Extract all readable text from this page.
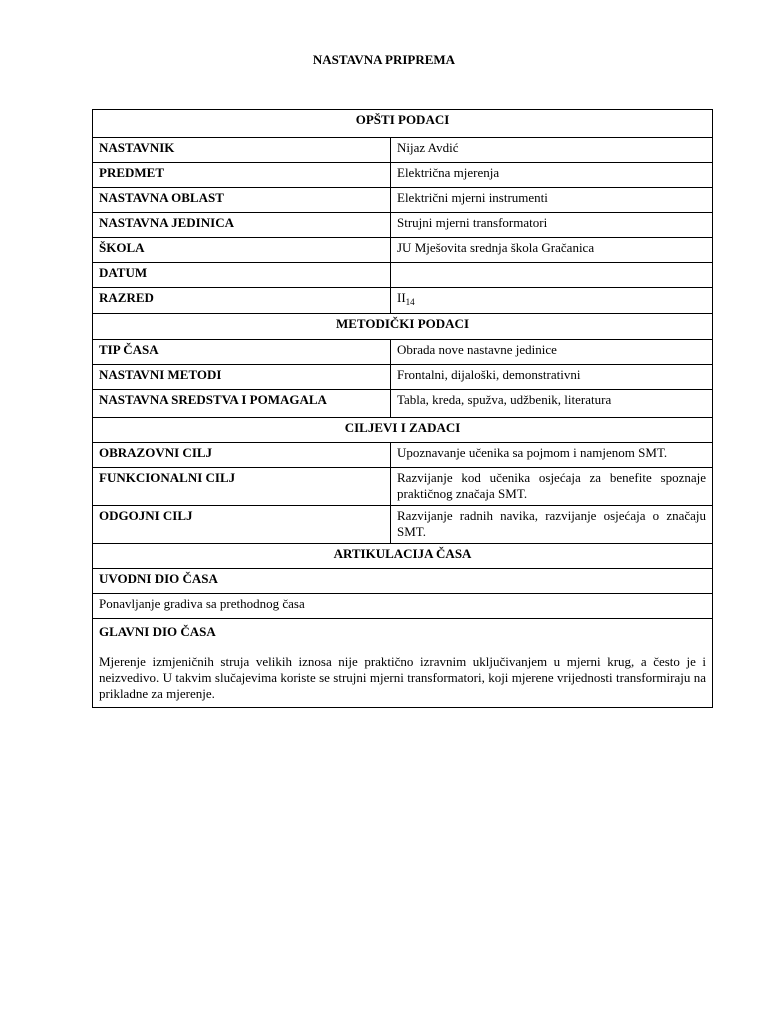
NASTAVNA PRIPREMA
OPŠTI PODACI	
NASTAVNIK	Nijaz Avdić
PREDMET	Električna mjerenja
NASTAVNA OBLAST	Električni mjerni instrumenti
NASTAVNA JEDINICA	Strujni mjerni transformatori
ŠKOLA	JU Mješovita srednja škola Gračanica
DATUM	
RAZRED	$II_{14}$
METODIČKI PODACI	
TIP ČASA	Obrada nove nastavne jedinice
NASTAVNI METODI	Frontalni, dijaloški, demonstrativni
NASTAVNA SREDSTVA I POMAGALA	Tabla, kreda, spužva, udžbenik, literatura
CILJEVI I ZADACI	
OBRAZOVNI CILJ	Upoznavanje učenika sa pojmom i namjenom SMT.
FUNKCIONALNI CILJ	Razvijanje kod učenika osjećaja za benefite spoznaje praktičnog značaja SMT.
ODGOJNI CILJ	Razvijanje radnih navika, razvijanje osjećaja o značaju SMT.
ARTIKULACIJA ČASA	
UVODNI DIO ČASA	
Ponavljanje gradiva sa prethodnog časa	

GLAVNI DIO ČASA
Mjerenje izmjeničnih struja velikih iznosa nije praktično izravnim uključivanjem u mjerni krug, a često je i neizvedivo. U takvim slučajevima koriste se strujni mjerni transformatori, koji mjerene vrijednosti transformiraju na prikladne za mjerenje.	
